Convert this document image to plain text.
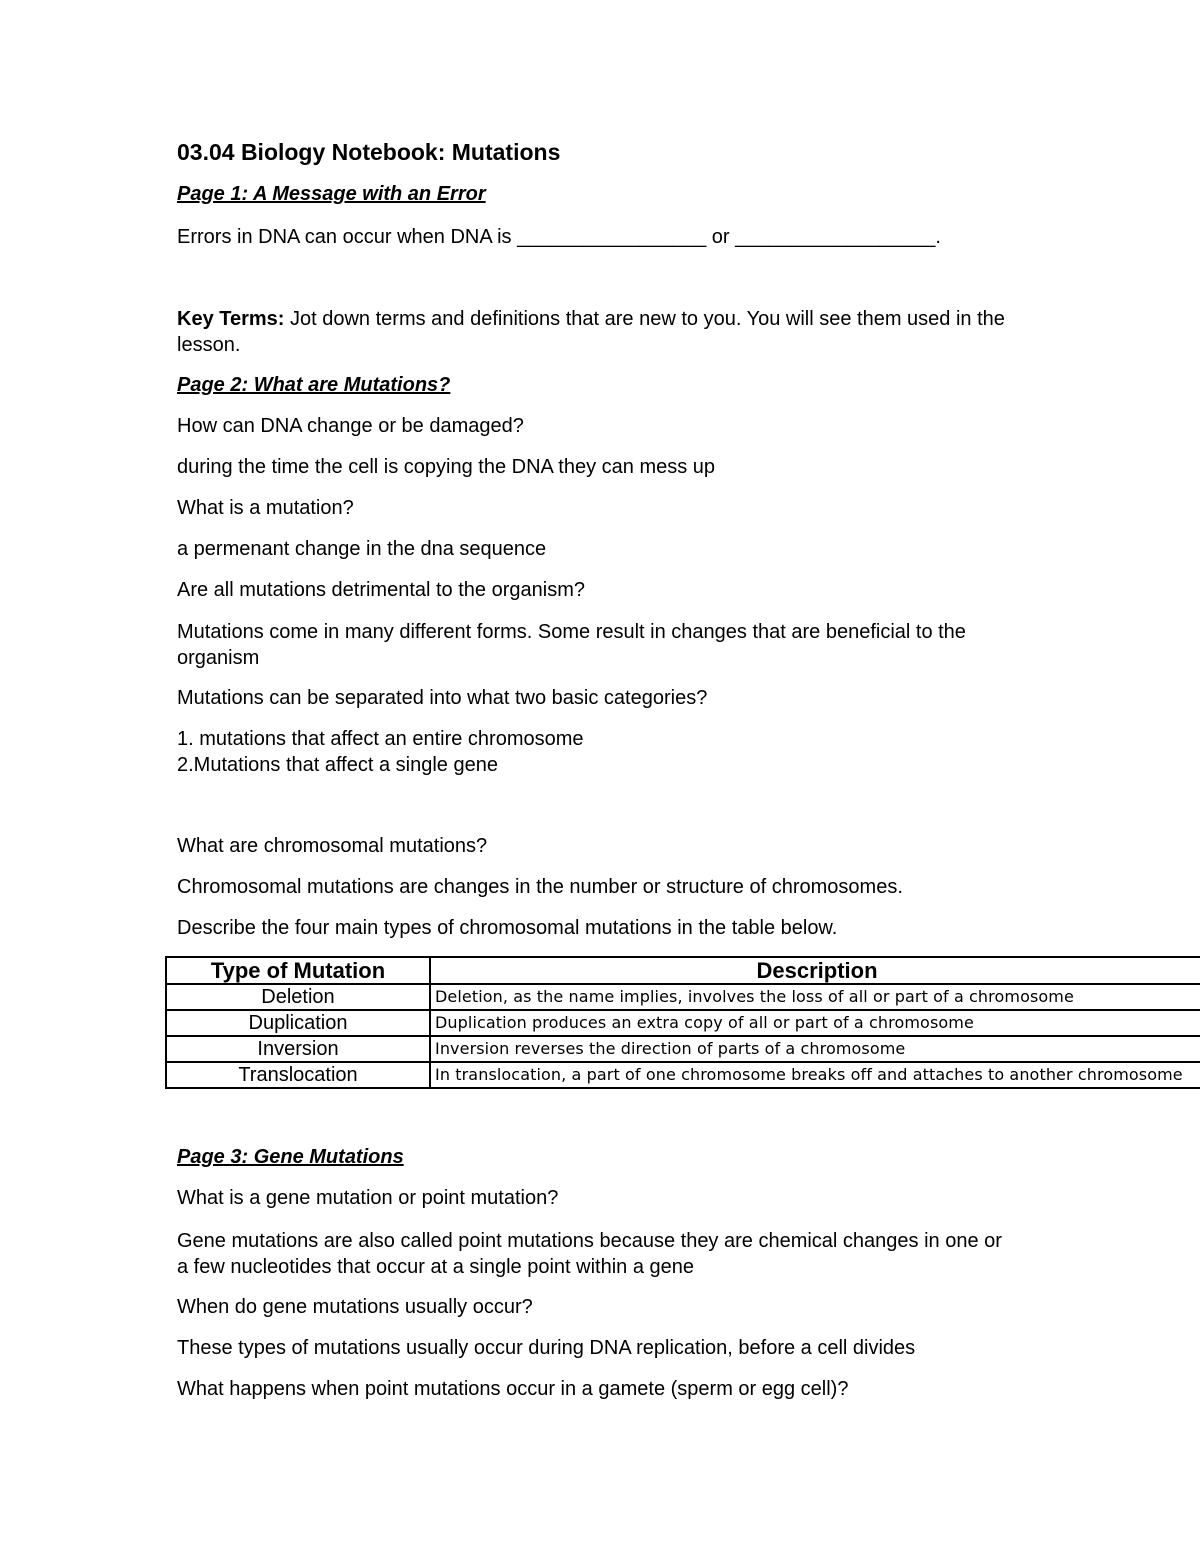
03.04 Biology Notebook: Mutations

Page 1: A Message with an Error

Errors in DNA can occur when DNA is _________________ or __________________.

Key Terms: Jot down terms and definitions that are new to you. You will see them used in the lesson.

Page 2: What are Mutations?

How can DNA change or be damaged?

during the time the cell is copying the DNA they can mess up

What is a mutation?

a permenant change in the dna sequence

Are all mutations detrimental to the organism?

Mutations come in many different forms. Some result in changes that are beneficial to the organism

Mutations can be separated into what two basic categories?

1. mutations that affect an entire chromosome

2.Mutations that affect a single gene

What are chromosomal mutations?

Chromosomal mutations are changes in the number or structure of chromosomes.

Describe the four main types of chromosomal mutations in the table below.

Type of Mutation	Description
Deletion	Deletion, as the name implies, involves the loss of all or part of a chromosome
Duplication	Duplication produces an extra copy of all or part of a chromosome
Inversion	Inversion reverses the direction of parts of a chromosome
Translocation	In translocation, a part of one chromosome breaks off and attaches to another chromosome

Page 3: Gene Mutations

What is a gene mutation or point mutation?

Gene mutations are also called point mutations because they are chemical changes in one or a few nucleotides that occur at a single point within a gene

When do gene mutations usually occur?

These types of mutations usually occur during DNA replication, before a cell divides

What happens when point mutations occur in a gamete (sperm or egg cell)?
